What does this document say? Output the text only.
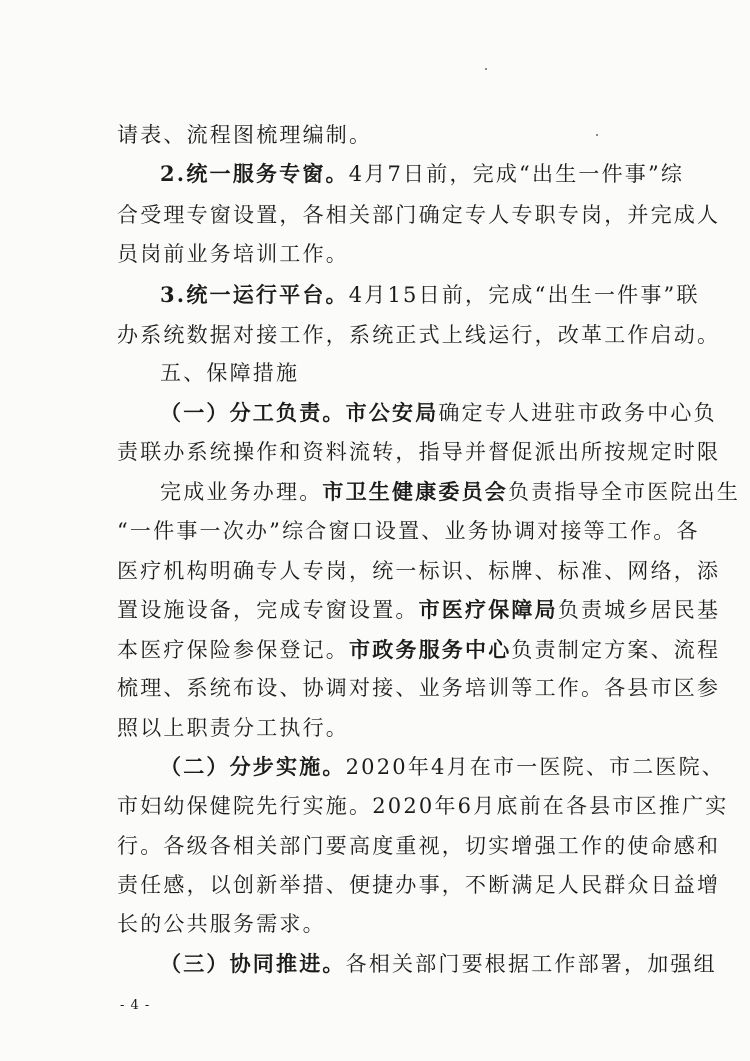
请表、流程图梳理编制。
2.统一服务专窗。4月7日前，完成“出生一件事”综
合受理专窗设置，各相关部门确定专人专职专岗，并完成人
员岗前业务培训工作。
3.统一运行平台。4月15日前，完成“出生一件事”联
办系统数据对接工作，系统正式上线运行，改革工作启动。
五、保障措施
（一）分工负责。市公安局确定专人进驻市政务中心负
责联办系统操作和资料流转，指导并督促派出所按规定时限
完成业务办理。市卫生健康委员会负责指导全市医院出生
“一件事一次办”综合窗口设置、业务协调对接等工作。各
医疗机构明确专人专岗，统一标识、标牌、标准、网络，添
置设施设备，完成专窗设置。市医疗保障局负责城乡居民基
本医疗保险参保登记。市政务服务中心负责制定方案、流程
梳理、系统布设、协调对接、业务培训等工作。各县市区参
照以上职责分工执行。
（二）分步实施。2020年4月在市一医院、市二医院、
市妇幼保健院先行实施。2020年6月底前在各县市区推广实
行。各级各相关部门要高度重视，切实增强工作的使命感和
责任感，以创新举措、便捷办事，不断满足人民群众日益增
长的公共服务需求。
（三）协同推进。各相关部门要根据工作部署，加强组
- 4 -
